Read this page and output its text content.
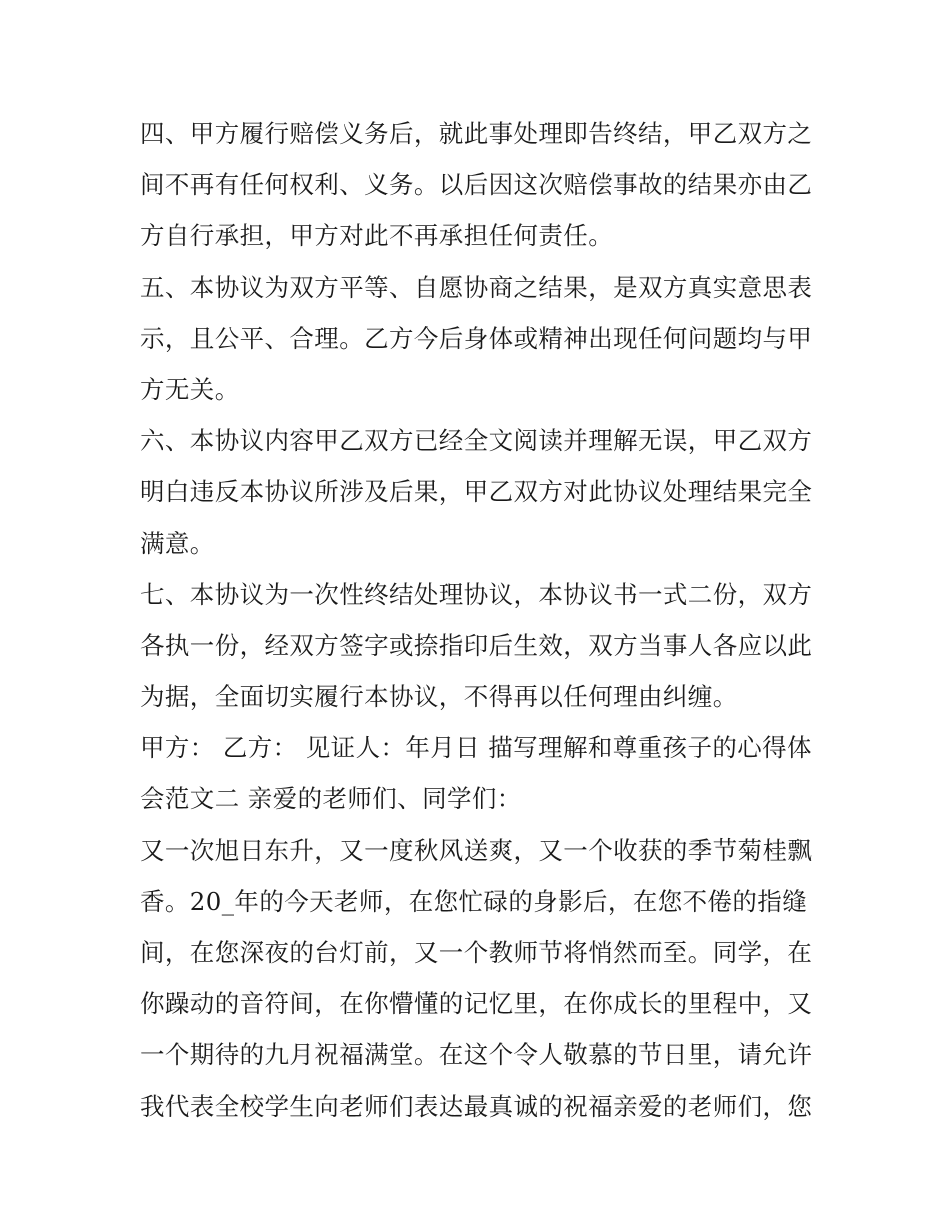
四、甲方履行赔偿义务后，就此事处理即告终结，甲乙双方之
间不再有任何权利、义务。以后因这次赔偿事故的结果亦由乙
方自行承担，甲方对此不再承担任何责任。
五、本协议为双方平等、自愿协商之结果，是双方真实意思表
示，且公平、合理。乙方今后身体或精神出现任何问题均与甲
方无关。
六、本协议内容甲乙双方已经全文阅读并理解无误，甲乙双方
明白违反本协议所涉及后果，甲乙双方对此协议处理结果完全
满意。
七、本协议为一次性终结处理协议，本协议书一式二份，双方
各执一份，经双方签字或捺指印后生效，双方当事人各应以此
为据，全面切实履行本协议，不得再以任何理由纠缠。
甲方： 乙方： 见证人：年月日 描写理解和尊重孩子的心得体
会范文二 亲爱的老师们、同学们：
又一次旭日东升，又一度秋风送爽，又一个收获的季节菊桂飘
香。20_年的今天老师，在您忙碌的身影后，在您不倦的指缝
间，在您深夜的台灯前，又一个教师节将悄然而至。同学，在
你躁动的音符间，在你懵懂的记忆里，在你成长的里程中，又
一个期待的九月祝福满堂。在这个令人敬慕的节日里，请允许
我代表全校学生向老师们表达最真诚的祝福亲爱的老师们，您
